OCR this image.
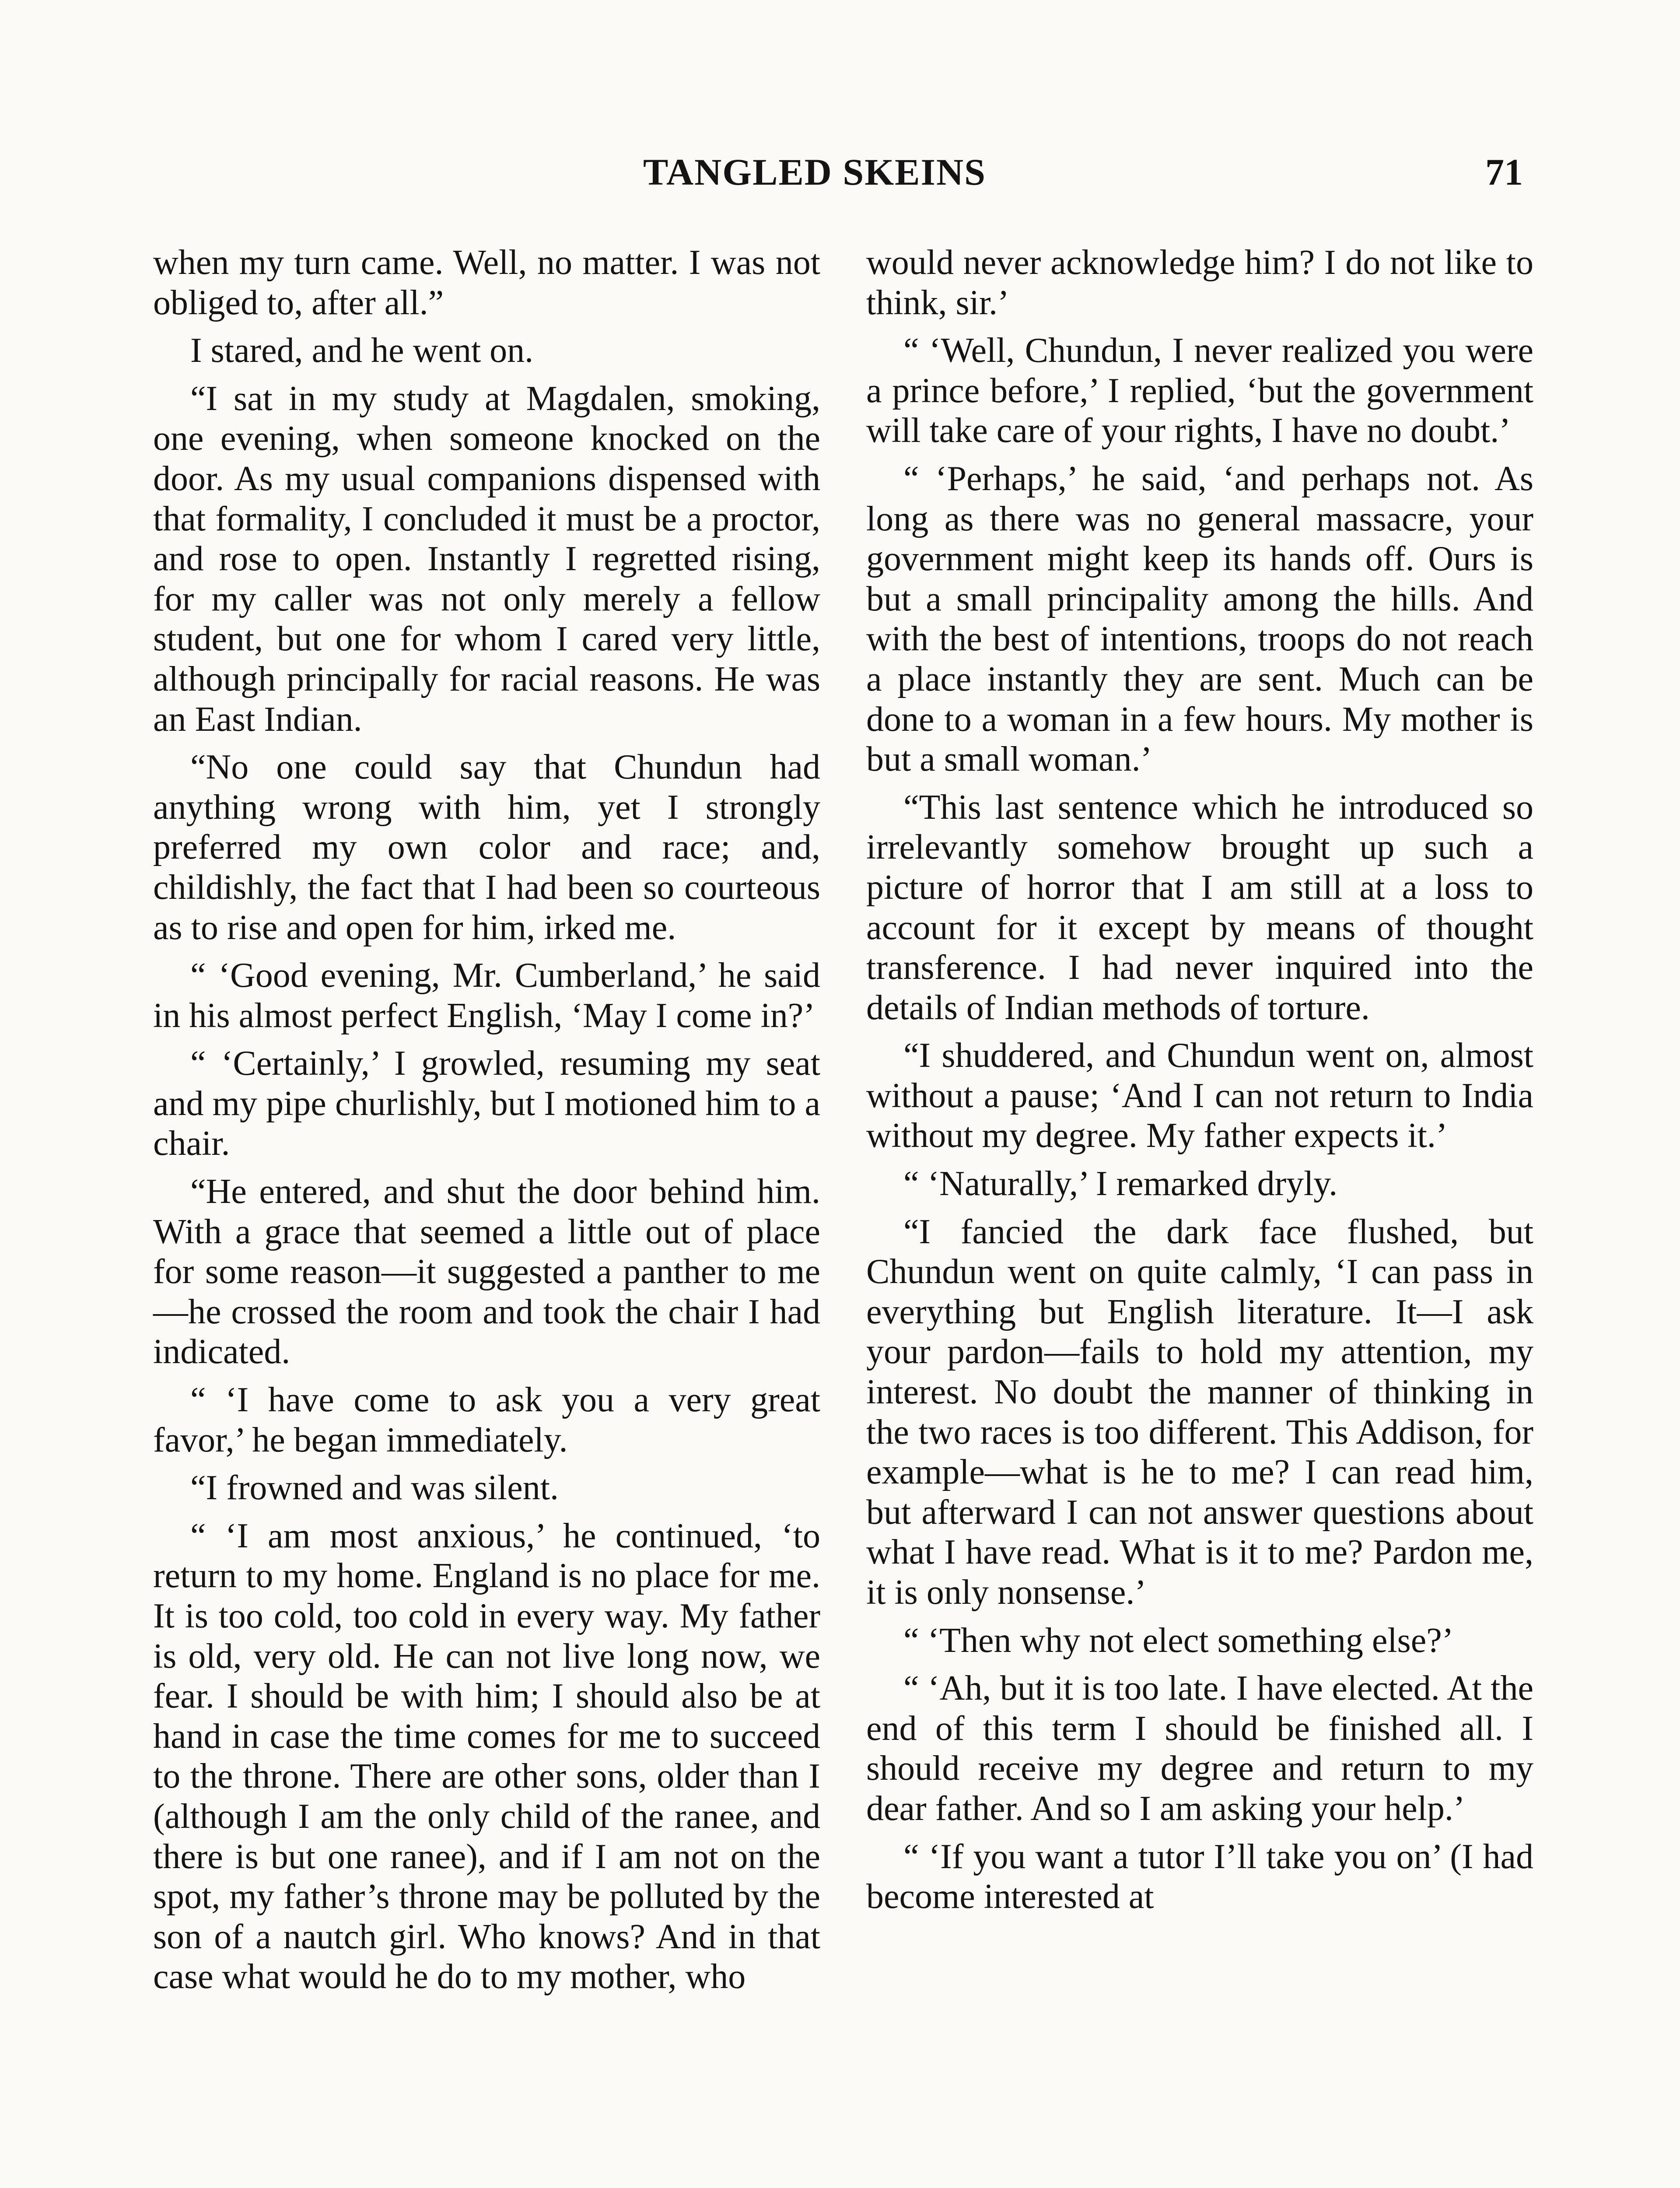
TANGLED SKEINS	71

when my turn came. Well, no matter. I was not obliged to, after all.”

I stared, and he went on.

“I sat in my study at Magdalen, smoking, one evening, when someone knocked on the door. As my usual companions dispensed with that formality, I concluded it must be a proctor, and rose to open. Instantly I regretted rising, for my caller was not only merely a fellow student, but one for whom I cared very little, although principally for racial reasons. He was an East Indian.

“No one could say that Chundun had anything wrong with him, yet I strongly preferred my own color and race; and, childishly, the fact that I had been so courteous as to rise and open for him, irked me.

“ ‘Good evening, Mr. Cumberland,’ he said in his almost perfect English, ‘May I come in?’

“ ‘Certainly,’ I growled, resuming my seat and my pipe churlishly, but I motioned him to a chair.

“He entered, and shut the door behind him. With a grace that seemed a little out of place for some reason—it suggested a panther to me—he crossed the room and took the chair I had indicated.

“ ‘I have come to ask you a very great favor,’ he began immediately.

“I frowned and was silent.

“ ‘I am most anxious,’ he continued, ‘to return to my home. England is no place for me. It is too cold, too cold in every way. My father is old, very old. He can not live long now, we fear. I should be with him; I should also be at hand in case the time comes for me to succeed to the throne. There are other sons, older than I (although I am the only child of the ranee, and there is but one ranee), and if I am not on the spot, my father’s throne may be polluted by the son of a nautch girl. Who knows? And in that case what would he do to my mother, who

would never acknowledge him? I do not like to think, sir.’

“ ‘Well, Chundun, I never realized you were a prince before,’ I replied, ‘but the government will take care of your rights, I have no doubt.’

“ ‘Perhaps,’ he said, ‘and perhaps not. As long as there was no general massacre, your government might keep its hands off. Ours is but a small principality among the hills. And with the best of intentions, troops do not reach a place instantly they are sent. Much can be done to a woman in a few hours. My mother is but a small woman.’

“This last sentence which he introduced so irrelevantly somehow brought up such a picture of horror that I am still at a loss to account for it except by means of thought transference. I had never inquired into the details of Indian methods of torture.

“I shuddered, and Chundun went on, almost without a pause; ‘And I can not return to India without my degree. My father expects it.’

“ ‘Naturally,’ I remarked dryly.

“I fancied the dark face flushed, but Chundun went on quite calmly, ‘I can pass in everything but English literature. It—I ask your pardon—fails to hold my attention, my interest. No doubt the manner of thinking in the two races is too different. This Addison, for example—what is he to me? I can read him, but afterward I can not answer questions about what I have read. What is it to me? Pardon me, it is only nonsense.’

“ ‘Then why not elect something else?’

“ ‘Ah, but it is too late. I have elected. At the end of this term I should be finished all. I should receive my degree and return to my dear father. And so I am asking your help.’

“ ‘If you want a tutor I’ll take you on’ (I had become interested at
